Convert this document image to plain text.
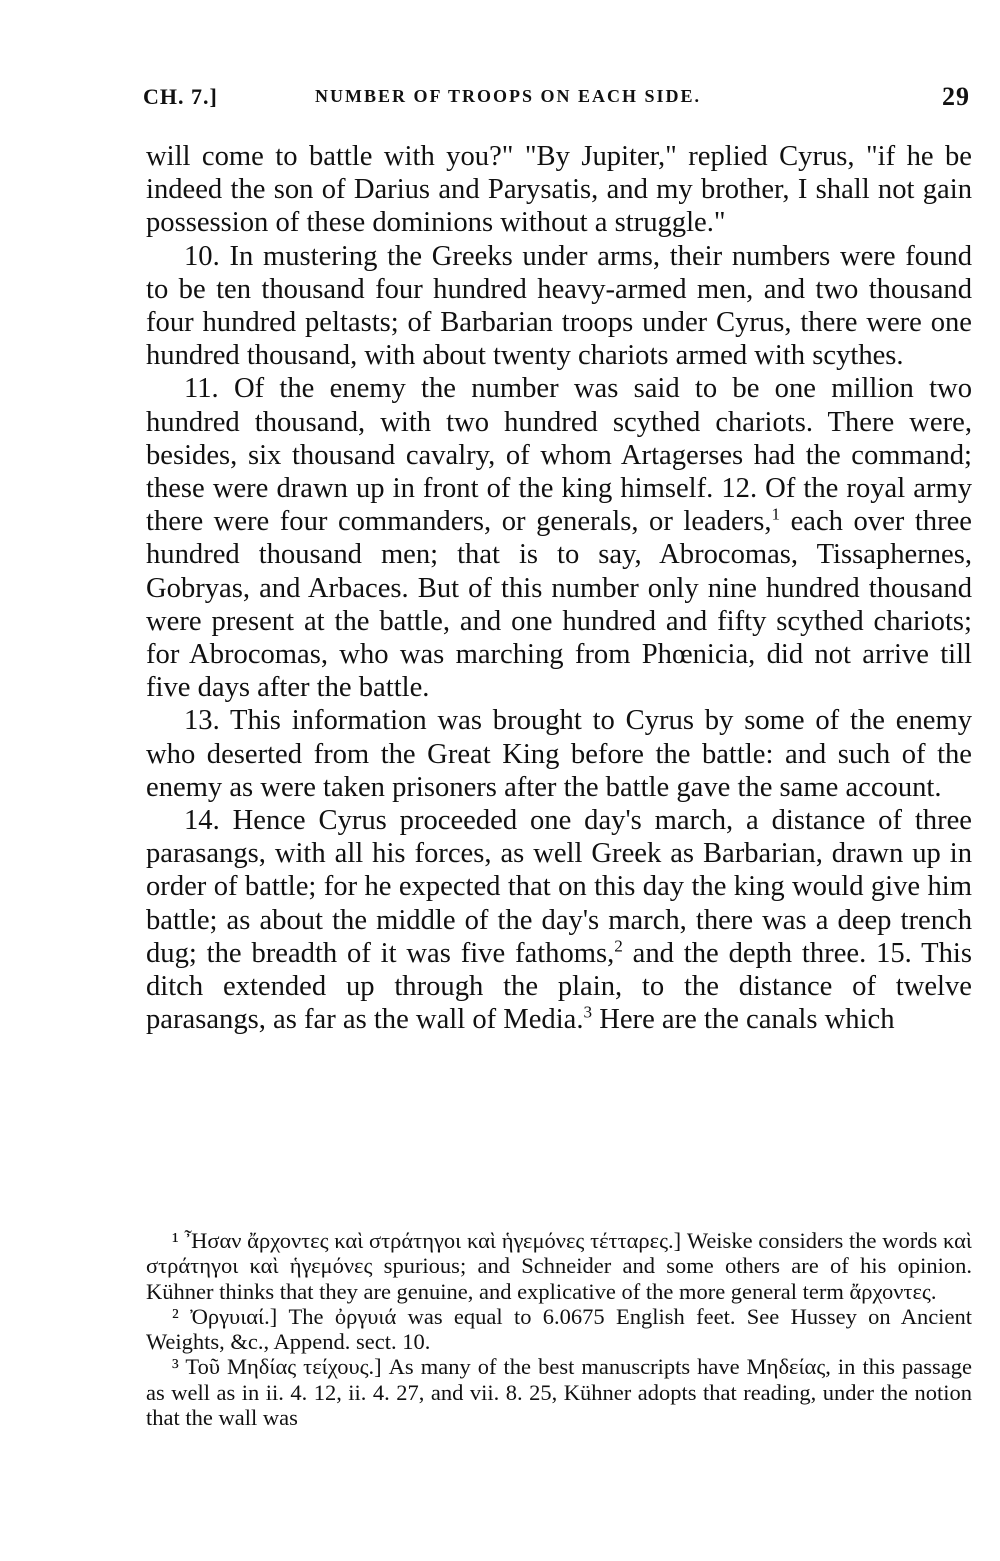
CH. 7.]	NUMBER OF TROOPS ON EACH SIDE.	29

will come to battle with you?" "By Jupiter," replied Cyrus, "if he be indeed the son of Darius and Parysatis, and my brother, I shall not gain possession of these dominions without a struggle."

10. In mustering the Greeks under arms, their numbers were found to be ten thousand four hundred heavy-armed men, and two thousand four hundred peltasts; of Barbarian troops under Cyrus, there were one hundred thousand, with about twenty chariots armed with scythes.

11. Of the enemy the number was said to be one million two hundred thousand, with two hundred scythed chariots. There were, besides, six thousand cavalry, of whom Artagerses had the command; these were drawn up in front of the king himself. 12. Of the royal army there were four commanders, or generals, or leaders,$^1$ each over three hundred thousand men; that is to say, Abrocomas, Tissaphernes, Gobryas, and Arbaces. But of this number only nine hundred thousand were present at the battle, and one hundred and fifty scythed chariots; for Abrocomas, who was marching from Phœnicia, did not arrive till five days after the battle.

13. This information was brought to Cyrus by some of the enemy who deserted from the Great King before the battle: and such of the enemy as were taken prisoners after the battle gave the same account.

14. Hence Cyrus proceeded one day's march, a distance of three parasangs, with all his forces, as well Greek as Barbarian, drawn up in order of battle; for he expected that on this day the king would give him battle; as about the middle of the day's march, there was a deep trench dug; the breadth of it was five fathoms,$^2$ and the depth three. 15. This ditch extended up through the plain, to the distance of twelve parasangs, as far as the wall of Media.$^3$ Here are the canals which

¹ Ἦσαν ἄρχοντες καὶ στράτηγοι καὶ ἡγεμόνες τέτταρες.] Weiske considers the words καὶ στράτηγοι καὶ ἡγεμόνες spurious; and Schneider and some others are of his opinion. Kühner thinks that they are genuine, and explicative of the more general term ἄρχοντες.

² Ὀργυιαί.] The ὀργυιά was equal to 6.0675 English feet. See Hussey on Ancient Weights, &c., Append. sect. 10.

³ Τοῦ Μηδίας τείχους.] As many of the best manuscripts have Μηδείας, in this passage as well as in ii. 4. 12, ii. 4. 27, and vii. 8. 25, Kühner adopts that reading, under the notion that the wall was
